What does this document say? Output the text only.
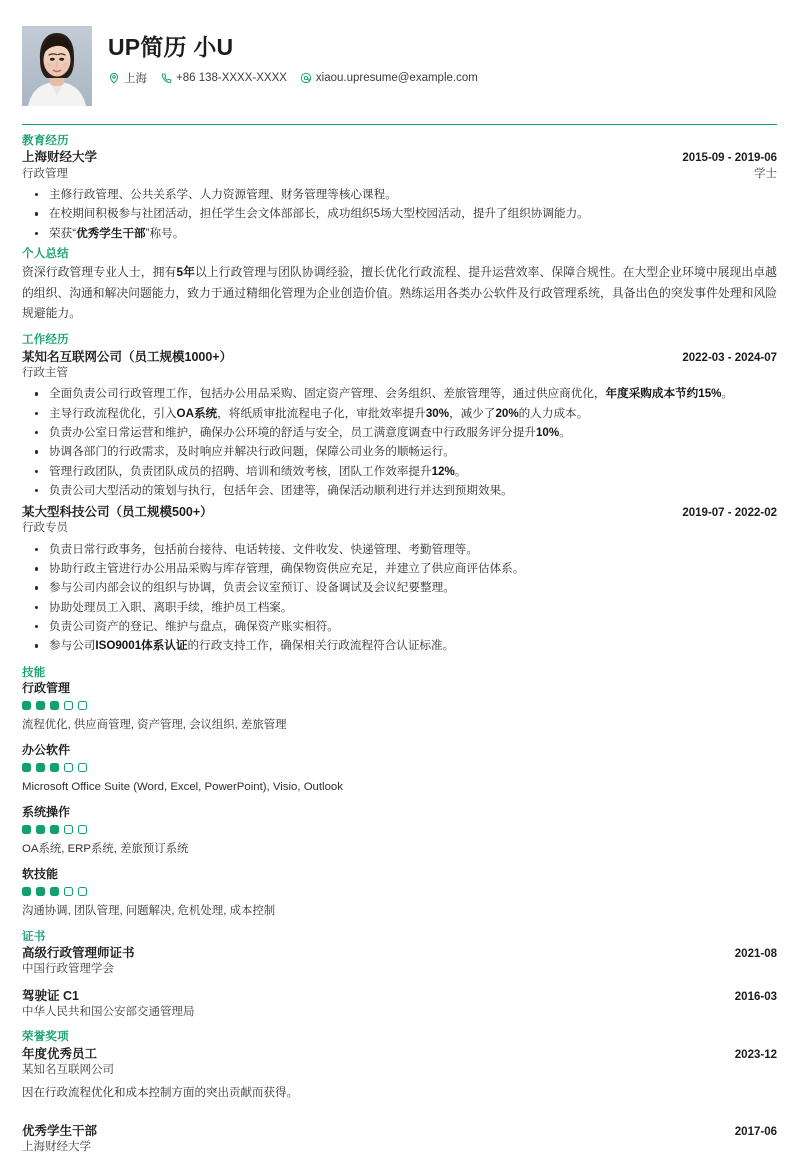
UP简历 小U
上海	+86 138-XXXX-XXXX	xiaou.upresume@example.com
教育经历
上海财经大学	2015-09 - 2019-06
行政管理	学士
主修行政管理、公共关系学、人力资源管理、财务管理等核心课程。
在校期间积极参与社团活动，担任学生会文体部部长，成功组织5场大型校园活动，提升了组织协调能力。
荣获“优秀学生干部”称号。
个人总结

资深行政管理专业人士，拥有5年以上行政管理与团队协调经验，擅长优化行政流程、提升运营效率、保障合规性。在大型企业环境中展现出卓越的组织、沟通和解决问题能力，致力于通过精细化管理为企业创造价值。熟练运用各类办公软件及行政管理系统，具备出色的突发事件处理和风险规避能力。

工作经历
某知名互联网公司（员工规模1000+）	2022-03 - 2024-07
行政主管
全面负责公司行政管理工作，包括办公用品采购、固定资产管理、会务组织、差旅管理等，通过供应商优化，年度采购成本节约15%。
主导行政流程优化，引入OA系统，将纸质审批流程电子化，审批效率提升30%，减少了20%的人力成本。
负责办公室日常运营和维护，确保办公环境的舒适与安全，员工满意度调查中行政服务评分提升10%。
协调各部门的行政需求，及时响应并解决行政问题，保障公司业务的顺畅运行。
管理行政团队，负责团队成员的招聘、培训和绩效考核，团队工作效率提升12%。
负责公司大型活动的策划与执行，包括年会、团建等，确保活动顺利进行并达到预期效果。
某大型科技公司（员工规模500+）	2019-07 - 2022-02
行政专员
负责日常行政事务，包括前台接待、电话转接、文件收发、快递管理、考勤管理等。
协助行政主管进行办公用品采购与库存管理，确保物资供应充足，并建立了供应商评估体系。
参与公司内部会议的组织与协调，负责会议室预订、设备调试及会议纪要整理。
协助处理员工入职、离职手续，维护员工档案。
负责公司资产的登记、维护与盘点，确保资产账实相符。
参与公司ISO9001体系认证的行政支持工作，确保相关行政流程符合认证标准。
技能
行政管理
流程优化, 供应商管理, 资产管理, 会议组织, 差旅管理
办公软件
Microsoft Office Suite (Word, Excel, PowerPoint), Visio, Outlook
系统操作
OA系统, ERP系统, 差旅预订系统
软技能
沟通协调, 团队管理, 问题解决, 危机处理, 成本控制
证书
高级行政管理师证书	2021-08
中国行政管理学会
驾驶证 C1	2016-03
中华人民共和国公安部交通管理局
荣誉奖项
年度优秀员工	2023-12
某知名互联网公司
因在行政流程优化和成本控制方面的突出贡献而获得。
优秀学生干部	2017-06
上海财经大学
